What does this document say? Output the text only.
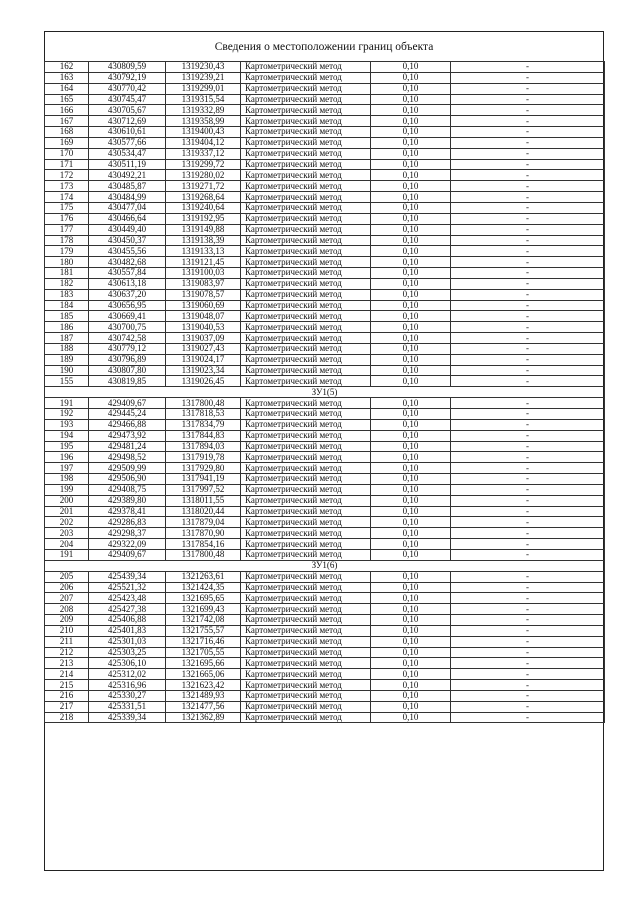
Сведения о местоположении границ объекта
162	430809,59	1319230,43	Картометрический метод	0,10	-
163	430792,19	1319239,21	Картометрический метод	0,10	-
164	430770,42	1319299,01	Картометрический метод	0,10	-
165	430745,47	1319315,54	Картометрический метод	0,10	-
166	430705,67	1319332,89	Картометрический метод	0,10	-
167	430712,69	1319358,99	Картометрический метод	0,10	-
168	430610,61	1319400,43	Картометрический метод	0,10	-
169	430577,66	1319404,12	Картометрический метод	0,10	-
170	430534,47	1319337,12	Картометрический метод	0,10	-
171	430511,19	1319299,72	Картометрический метод	0,10	-
172	430492,21	1319280,02	Картометрический метод	0,10	-
173	430485,87	1319271,72	Картометрический метод	0,10	-
174	430484,99	1319268,64	Картометрический метод	0,10	-
175	430477,04	1319240,64	Картометрический метод	0,10	-
176	430466,64	1319192,95	Картометрический метод	0,10	-
177	430449,40	1319149,88	Картометрический метод	0,10	-
178	430450,37	1319138,39	Картометрический метод	0,10	-
179	430455,56	1319133,13	Картометрический метод	0,10	-
180	430482,68	1319121,45	Картометрический метод	0,10	-
181	430557,84	1319100,03	Картометрический метод	0,10	-
182	430613,18	1319083,97	Картометрический метод	0,10	-
183	430637,20	1319078,57	Картометрический метод	0,10	-
184	430656,95	1319060,69	Картометрический метод	0,10	-
185	430669,41	1319048,07	Картометрический метод	0,10	-
186	430700,75	1319040,53	Картометрический метод	0,10	-
187	430742,58	1319037,09	Картометрический метод	0,10	-
188	430779,12	1319027,43	Картометрический метод	0,10	-
189	430796,89	1319024,17	Картометрический метод	0,10	-
190	430807,80	1319023,34	Картометрический метод	0,10	-
155	430819,85	1319026,45	Картометрический метод	0,10	-
ЗУ1(5)					
191	429409,67	1317800,48	Картометрический метод	0,10	-
192	429445,24	1317818,53	Картометрический метод	0,10	-
193	429466,88	1317834,79	Картометрический метод	0,10	-
194	429473,92	1317844,83	Картометрический метод	0,10	-
195	429481,24	1317894,03	Картометрический метод	0,10	-
196	429498,52	1317919,78	Картометрический метод	0,10	-
197	429509,99	1317929,80	Картометрический метод	0,10	-
198	429506,90	1317941,19	Картометрический метод	0,10	-
199	429408,75	1317997,52	Картометрический метод	0,10	-
200	429389,80	1318011,55	Картометрический метод	0,10	-
201	429378,41	1318020,44	Картометрический метод	0,10	-
202	429286,83	1317879,04	Картометрический метод	0,10	-
203	429298,37	1317870,90	Картометрический метод	0,10	-
204	429322,09	1317854,16	Картометрический метод	0,10	-
191	429409,67	1317800,48	Картометрический метод	0,10	-
ЗУ1(6)					
205	425439,34	1321263,61	Картометрический метод	0,10	-
206	425521,32	1321424,35	Картометрический метод	0,10	-
207	425423,48	1321695,65	Картометрический метод	0,10	-
208	425427,38	1321699,43	Картометрический метод	0,10	-
209	425406,88	1321742,08	Картометрический метод	0,10	-
210	425401,83	1321755,57	Картометрический метод	0,10	-
211	425301,03	1321716,46	Картометрический метод	0,10	-
212	425303,25	1321705,55	Картометрический метод	0,10	-
213	425306,10	1321695,66	Картометрический метод	0,10	-
214	425312,02	1321665,06	Картометрический метод	0,10	-
215	425316,96	1321623,42	Картометрический метод	0,10	-
216	425330,27	1321489,93	Картометрический метод	0,10	-
217	425331,51	1321477,56	Картометрический метод	0,10	-
218	425339,34	1321362,89	Картометрический метод	0,10	-
